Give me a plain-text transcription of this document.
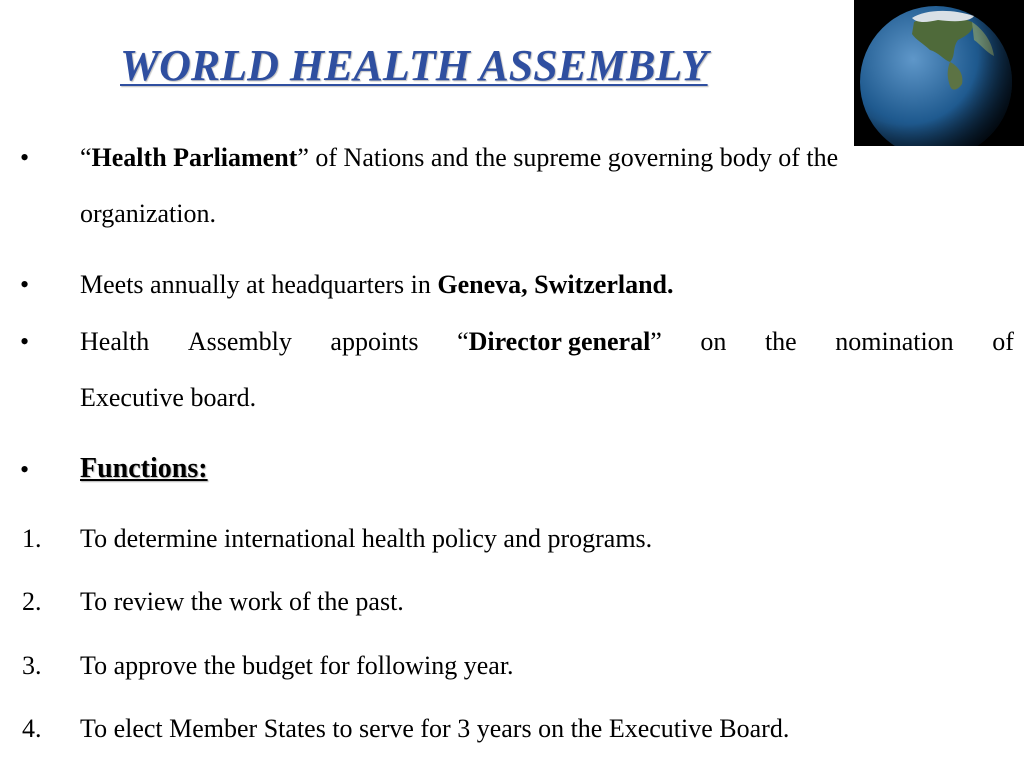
WORLD HEALTH ASSEMBLY
• “Health Parliament” of Nations and the supreme governing body of the
organization.
• Meets annually at headquarters in Geneva, Switzerland.
• Health Assembly appoints “Director general” on the nomination of
Executive board.
• Functions:
1. To determine international health policy and programs.
2. To review the work of the past.
3. To approve the budget for following year.
4. To elect Member States to serve for 3 years on the Executive Board.
